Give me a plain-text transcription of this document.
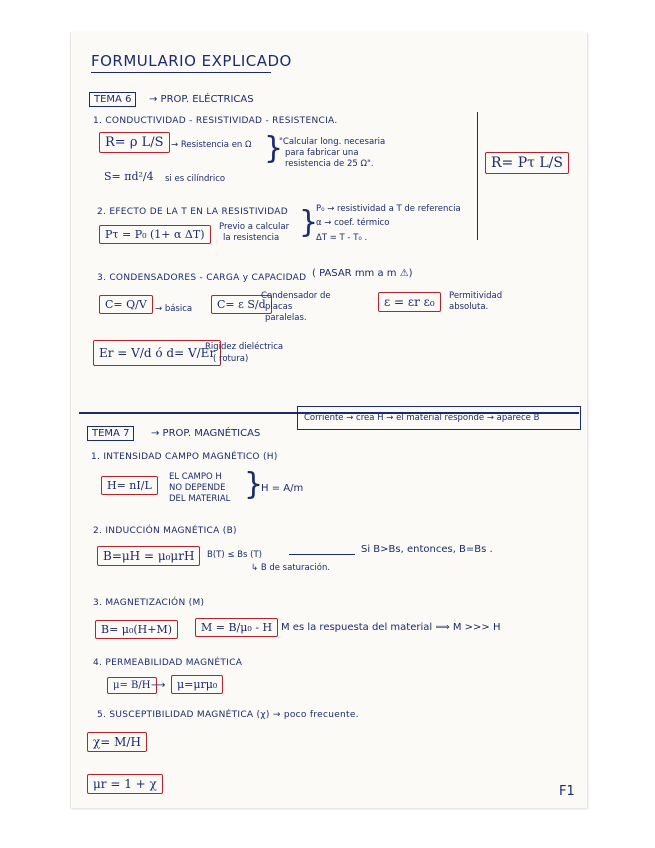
FORMULARIO EXPLICADO
TEMA 6	→ PROP. ELÉCTRICAS
1. CONDUCTIVIDAD - RESISTIVIDAD - RESISTENCIA.
R= ρ L/S → Resistencia en Ω
S= πd²/4	si es cilíndrico
}
"Calcular long. necesaria
para fabricar una
resistencia de 25 Ω".	R= Pτ L/S
2. EFECTO DE LA T EN LA RESISTIVIDAD
Pτ = P₀ (1+ α ΔT)
Previo a calcular
la resistencia }
P₀ → resistividad a T de referencia
α → coef. térmico
ΔT = T - T₀ .
3. CONDENSADORES - CARGA y CAPACIDAD ( PASAR mm a m ⚠)
C= Q/V → básica	C= ε S/d
Condensador de
placas
paralelas.
ε = εr ε₀	Permitividad
absoluta.
Er = V/d ó d= V/Er
Rigidez dieléctrica
( rotura)
TEMA 7	→ PROP. MAGNÉTICAS
Corriente → crea H → el material responde → aparece B
1. INTENSIDAD CAMPO MAGNÉTICO (H)
H= nI/L
EL CAMPO H
NO DEPENDE
DEL MATERIAL }
H = A/m
2. INDUCCIÓN MAGNÉTICA (B)
B=μH = μ₀μrH	B(T) ≤ Bs (T)
↳ B de saturación.
Si B>Bs, entonces, B=Bs .
3. MAGNETIZACIÓN (M)
B= μ₀(H+M)	M = B/μ₀ - H M es la respuesta del material ⟹ M >>> H
4. PERMEABILIDAD MAGNÉTICA
μ= B/H ⟶	μ=μrμ₀
5. SUSCEPTIBILIDAD MAGNÉTICA (χ) → poco frecuente.
χ= M/H
μr = 1 + χ	F1
